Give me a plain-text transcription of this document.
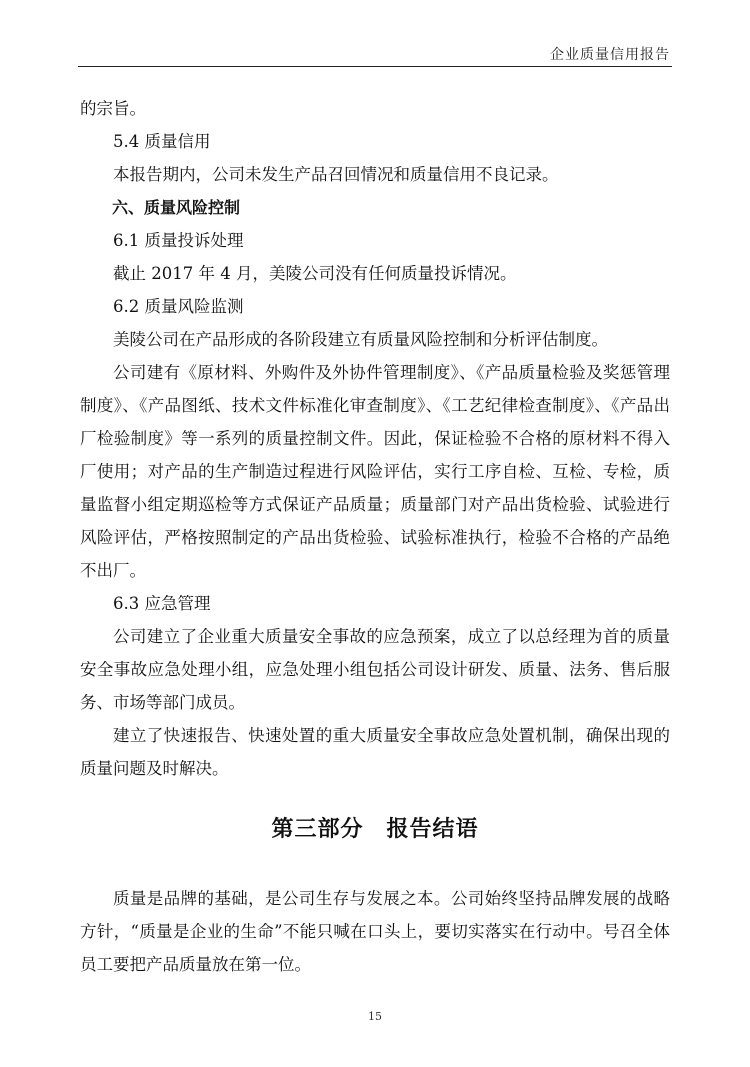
企业质量信用报告

的宗旨。

5.4 质量信用

本报告期内，公司未发生产品召回情况和质量信用不良记录。

六、质量风险控制

6.1 质量投诉处理

截止 2017 年 4 月，美陵公司没有任何质量投诉情况。

6.2 质量风险监测

美陵公司在产品形成的各阶段建立有质量风险控制和分析评估制度。

公司建有《原材料、外购件及外协件管理制度》、《产品质量检验及奖惩管理制度》、《产品图纸、技术文件标准化审查制度》、《工艺纪律检查制度》、《产品出厂检验制度》等一系列的质量控制文件。因此，保证检验不合格的原材料不得入厂使用；对产品的生产制造过程进行风险评估，实行工序自检、互检、专检，质量监督小组定期巡检等方式保证产品质量；质量部门对产品出货检验、试验进行风险评估，严格按照制定的产品出货检验、试验标准执行，检验不合格的产品绝不出厂。

6.3 应急管理

公司建立了企业重大质量安全事故的应急预案，成立了以总经理为首的质量安全事故应急处理小组，应急处理小组包括公司设计研发、质量、法务、售后服务、市场等部门成员。

建立了快速报告、快速处置的重大质量安全事故应急处置机制，确保出现的质量问题及时解决。

第三部分　报告结语

质量是品牌的基础，是公司生存与发展之本。公司始终坚持品牌发展的战略方针，“质量是企业的生命”不能只喊在口头上，要切实落实在行动中。号召全体员工要把产品质量放在第一位。

15
